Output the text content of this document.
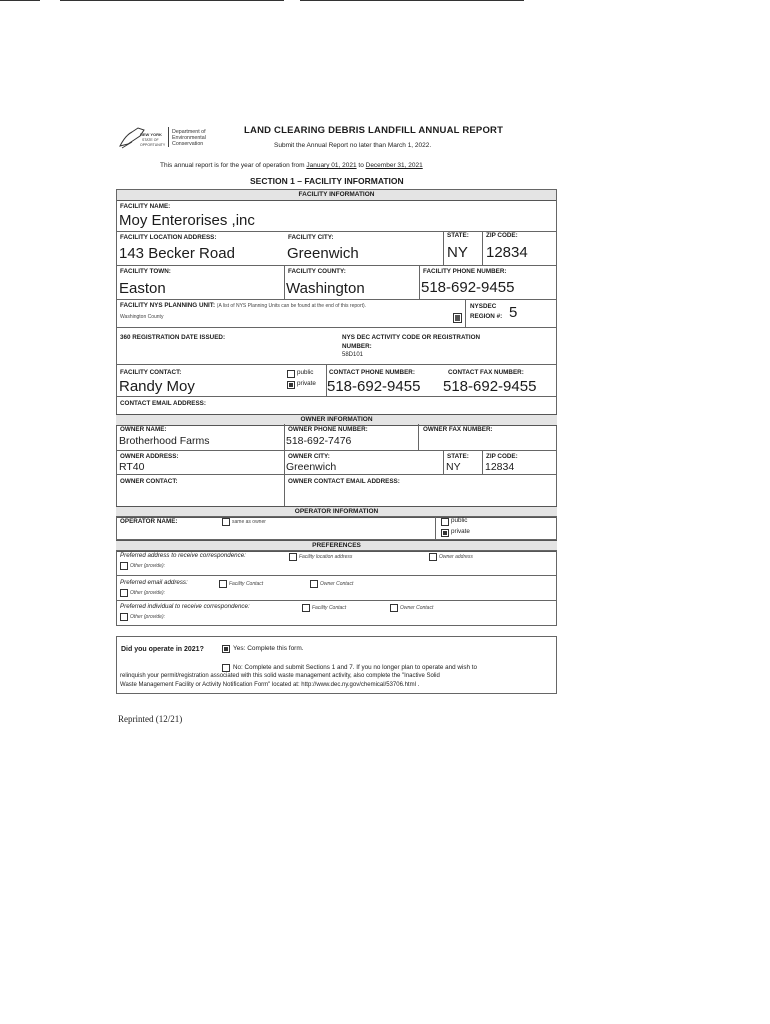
NEW YORK
STATE OF
OPPORTUNITY
Department of
Environmental
Conservation
LAND CLEARING DEBRIS LANDFILL ANNUAL REPORT
Submit the Annual Report no later than March 1, 2022.
This annual report is for the year of operation from January 01, 2021 to December 31, 2021
SECTION 1 – FACILITY INFORMATION
FACILITY INFORMATION
FACILITY NAME:
Moy Enterorises ,inc
FACILITY LOCATION ADDRESS:	FACILITY CITY:	STATE:	ZIP CODE:
143 Becker Road	Greenwich	NY 12834
FACILITY TOWN:	FACILITY COUNTY:	FACILITY PHONE NUMBER:
Easton	Washington	518-692-9455
FACILITY NYS PLANNING UNIT: (A list of NYS Planning Units can be found at the end of this report).
Washington County
NYSDEC
REGION #: 5
360 REGISTRATION DATE ISSUED:	NYS DEC ACTIVITY CODE OR REGISTRATION
NUMBER:
58D101
FACILITY CONTACT:
Randy Moy
public
private
CONTACT PHONE NUMBER:	CONTACT FAX NUMBER:
518-692-9455 518-692-9455
CONTACT EMAIL ADDRESS:
OWNER INFORMATION
OWNER NAME:
Brotherhood Farms
OWNER PHONE NUMBER:
518-692-7476
OWNER FAX NUMBER:
OWNER ADDRESS:
RT40
OWNER CITY:
Greenwich
STATE:
NY
ZIP CODE:
12834
OWNER CONTACT:	OWNER CONTACT EMAIL ADDRESS:
OPERATOR INFORMATION
OPERATOR NAME:	same as owner	public
private
PREFERENCES
Preferred address to receive correspondence:	Facility location address	Owner address
Other (provide):
Preferred email address:	Facility Contact	Owner Contact
Other (provide):
Preferred individual to receive correspondence:	Facility Contact	Owner Contact
Other (provide):
Did you operate in 2021?	Yes: Complete this form.
No: Complete and submit Sections 1 and 7. If you no longer plan to operate and wish to
relinquish your permit/registration associated with this solid waste management activity, also complete the "Inactive Solid
Waste Management Facility or Activity Notification Form" located at: http://www.dec.ny.gov/chemical/53706.html .
Reprinted (12/21)
